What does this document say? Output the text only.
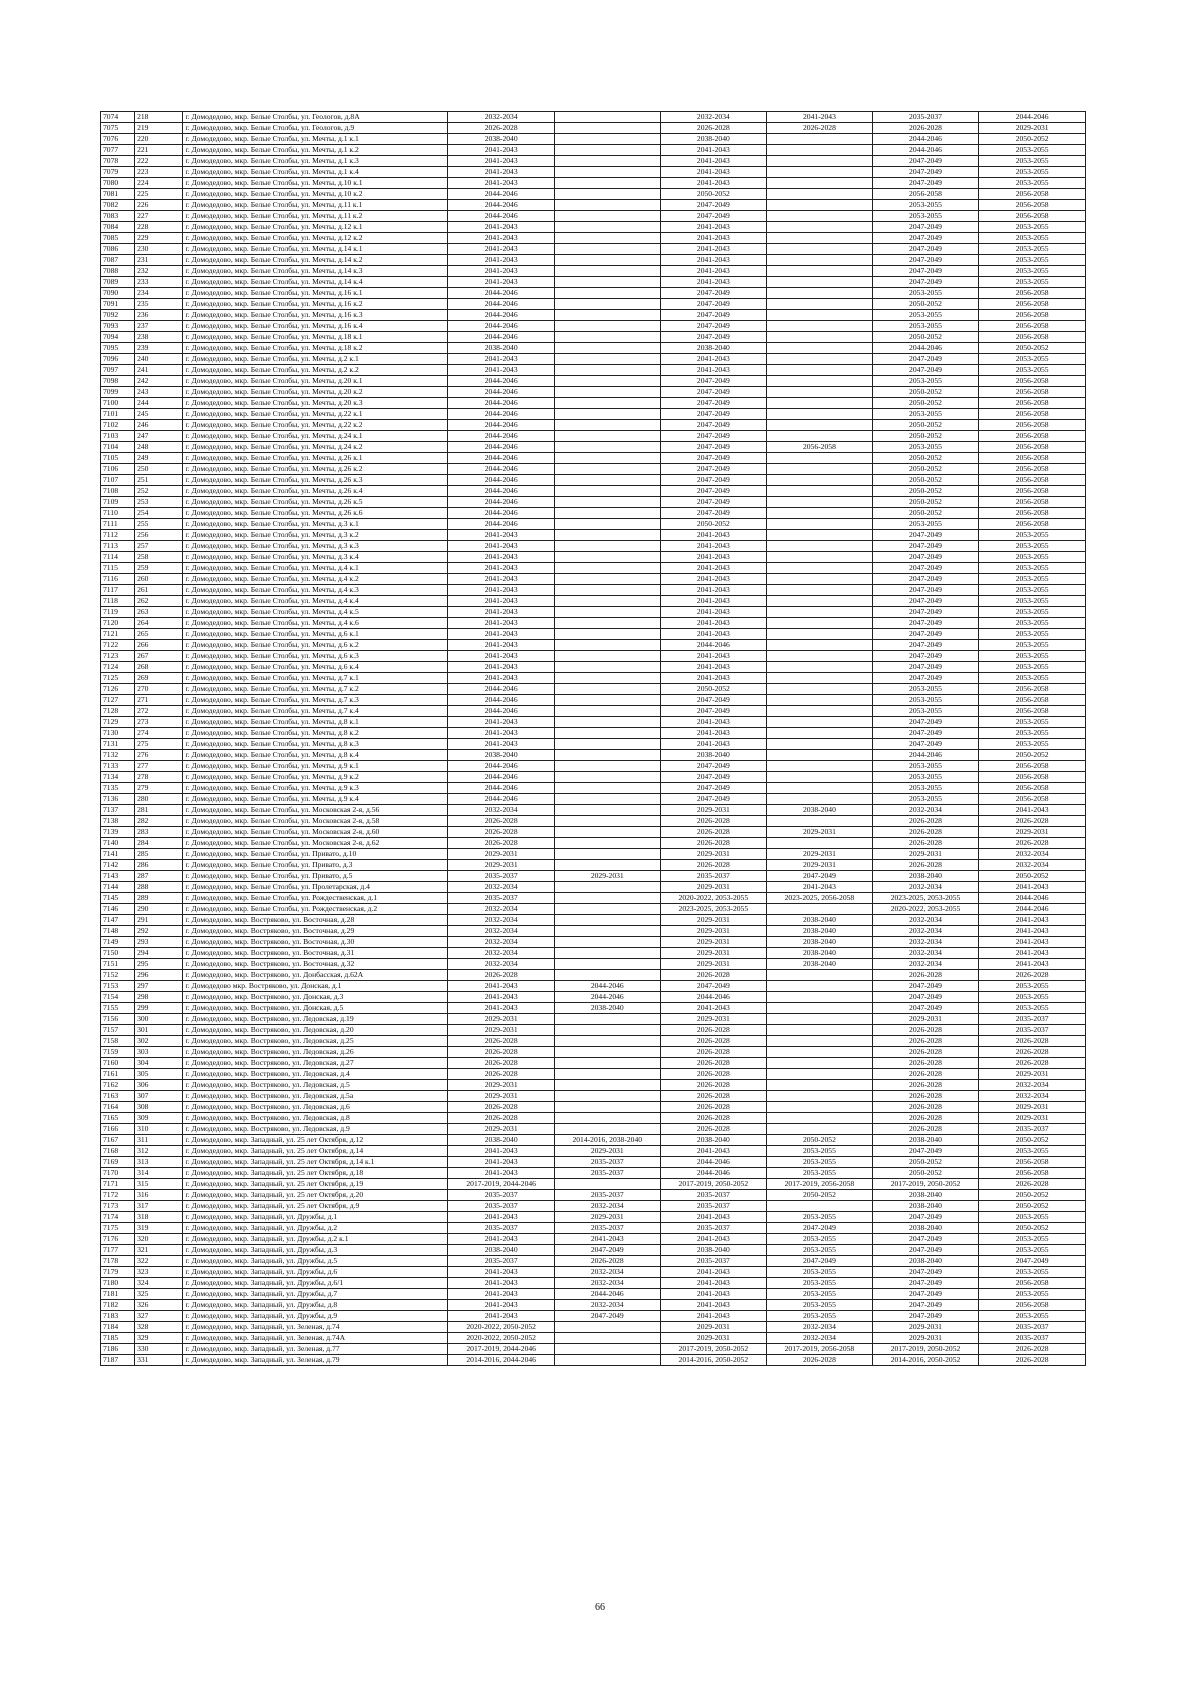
7074	218	г. Домодедово, мкр. Белые Столбы, ул. Геологов, д.8А	2032-2034		2032-2034	2041-2043	2035-2037	2044-2046
7075	219	г. Домодедово, мкр. Белые Столбы, ул. Геологов, д.9	2026-2028		2026-2028	2026-2028	2026-2028	2029-2031
7076	220	г. Домодедово, мкр. Белые Столбы, ул. Мечты, д.1 к.1	2038-2040		2038-2040		2044-2046	2050-2052
7077	221	г. Домодедово, мкр. Белые Столбы, ул. Мечты, д.1 к.2	2041-2043		2041-2043		2044-2046	2053-2055
7078	222	г. Домодедово, мкр. Белые Столбы, ул. Мечты, д.1 к.3	2041-2043		2041-2043		2047-2049	2053-2055
7079	223	г. Домодедово, мкр. Белые Столбы, ул. Мечты, д.1 к.4	2041-2043		2041-2043		2047-2049	2053-2055
7080	224	г. Домодедово, мкр. Белые Столбы, ул. Мечты, д.10 к.1	2041-2043		2041-2043		2047-2049	2053-2055
7081	225	г. Домодедово, мкр. Белые Столбы, ул. Мечты, д.10 к.2	2044-2046		2050-2052		2056-2058	2056-2058
7082	226	г. Домодедово, мкр. Белые Столбы, ул. Мечты, д.11 к.1	2044-2046		2047-2049		2053-2055	2056-2058
7083	227	г. Домодедово, мкр. Белые Столбы, ул. Мечты, д.11 к.2	2044-2046		2047-2049		2053-2055	2056-2058
7084	228	г. Домодедово, мкр. Белые Столбы, ул. Мечты, д.12 к.1	2041-2043		2041-2043		2047-2049	2053-2055
7085	229	г. Домодедово, мкр. Белые Столбы, ул. Мечты, д.12 к.2	2041-2043		2041-2043		2047-2049	2053-2055
7086	230	г. Домодедово, мкр. Белые Столбы, ул. Мечты, д.14 к.1	2041-2043		2041-2043		2047-2049	2053-2055
7087	231	г. Домодедово, мкр. Белые Столбы, ул. Мечты, д.14 к.2	2041-2043		2041-2043		2047-2049	2053-2055
7088	232	г. Домодедово, мкр. Белые Столбы, ул. Мечты, д.14 к.3	2041-2043		2041-2043		2047-2049	2053-2055
7089	233	г. Домодедово, мкр. Белые Столбы, ул. Мечты, д.14 к.4	2041-2043		2041-2043		2047-2049	2053-2055
7090	234	г. Домодедово, мкр. Белые Столбы, ул. Мечты, д.16 к.1	2044-2046		2047-2049		2053-2055	2056-2058
7091	235	г. Домодедово, мкр. Белые Столбы, ул. Мечты, д.16 к.2	2044-2046		2047-2049		2050-2052	2056-2058
7092	236	г. Домодедово, мкр. Белые Столбы, ул. Мечты, д.16 к.3	2044-2046		2047-2049		2053-2055	2056-2058
7093	237	г. Домодедово, мкр. Белые Столбы, ул. Мечты, д.16 к.4	2044-2046		2047-2049		2053-2055	2056-2058
7094	238	г. Домодедово, мкр. Белые Столбы, ул. Мечты, д.18 к.1	2044-2046		2047-2049		2050-2052	2056-2058
7095	239	г. Домодедово, мкр. Белые Столбы, ул. Мечты, д.18 к.2	2038-2040		2038-2040		2044-2046	2050-2052
7096	240	г. Домодедово, мкр. Белые Столбы, ул. Мечты, д.2 к.1	2041-2043		2041-2043		2047-2049	2053-2055
7097	241	г. Домодедово, мкр. Белые Столбы, ул. Мечты, д.2 к.2	2041-2043		2041-2043		2047-2049	2053-2055
7098	242	г. Домодедово, мкр. Белые Столбы, ул. Мечты, д.20 к.1	2044-2046		2047-2049		2053-2055	2056-2058
7099	243	г. Домодедово, мкр. Белые Столбы, ул. Мечты, д.20 к.2	2044-2046		2047-2049		2050-2052	2056-2058
7100	244	г. Домодедово, мкр. Белые Столбы, ул. Мечты, д.20 к.3	2044-2046		2047-2049		2050-2052	2056-2058
7101	245	г. Домодедово, мкр. Белые Столбы, ул. Мечты, д.22 к.1	2044-2046		2047-2049		2053-2055	2056-2058
7102	246	г. Домодедово, мкр. Белые Столбы, ул. Мечты, д.22 к.2	2044-2046		2047-2049		2050-2052	2056-2058
7103	247	г. Домодедово, мкр. Белые Столбы, ул. Мечты, д.24 к.1	2044-2046		2047-2049		2050-2052	2056-2058
7104	248	г. Домодедово, мкр. Белые Столбы, ул. Мечты, д.24 к.2	2044-2046		2047-2049	2056-2058	2053-2055	2056-2058
7105	249	г. Домодедово, мкр. Белые Столбы, ул. Мечты, д.26 к.1	2044-2046		2047-2049		2050-2052	2056-2058
7106	250	г. Домодедово, мкр. Белые Столбы, ул. Мечты, д.26 к.2	2044-2046		2047-2049		2050-2052	2056-2058
7107	251	г. Домодедово, мкр. Белые Столбы, ул. Мечты, д.26 к.3	2044-2046		2047-2049		2050-2052	2056-2058
7108	252	г. Домодедово, мкр. Белые Столбы, ул. Мечты, д.26 к.4	2044-2046		2047-2049		2050-2052	2056-2058
7109	253	г. Домодедово, мкр. Белые Столбы, ул. Мечты, д.26 к.5	2044-2046		2047-2049		2050-2052	2056-2058
7110	254	г. Домодедово, мкр. Белые Столбы, ул. Мечты, д.26 к.6	2044-2046		2047-2049		2050-2052	2056-2058
7111	255	г. Домодедово, мкр. Белые Столбы, ул. Мечты, д.3 к.1	2044-2046		2050-2052		2053-2055	2056-2058
7112	256	г. Домодедово, мкр. Белые Столбы, ул. Мечты, д.3 к.2	2041-2043		2041-2043		2047-2049	2053-2055
7113	257	г. Домодедово, мкр. Белые Столбы, ул. Мечты, д.3 к.3	2041-2043		2041-2043		2047-2049	2053-2055
7114	258	г. Домодедово, мкр. Белые Столбы, ул. Мечты, д.3 к.4	2041-2043		2041-2043		2047-2049	2053-2055
7115	259	г. Домодедово, мкр. Белые Столбы, ул. Мечты, д.4 к.1	2041-2043		2041-2043		2047-2049	2053-2055
7116	260	г. Домодедово, мкр. Белые Столбы, ул. Мечты, д.4 к.2	2041-2043		2041-2043		2047-2049	2053-2055
7117	261	г. Домодедово, мкр. Белые Столбы, ул. Мечты, д.4 к.3	2041-2043		2041-2043		2047-2049	2053-2055
7118	262	г. Домодедово, мкр. Белые Столбы, ул. Мечты, д.4 к.4	2041-2043		2041-2043		2047-2049	2053-2055
7119	263	г. Домодедово, мкр. Белые Столбы, ул. Мечты, д.4 к.5	2041-2043		2041-2043		2047-2049	2053-2055
7120	264	г. Домодедово, мкр. Белые Столбы, ул. Мечты, д.4 к.6	2041-2043		2041-2043		2047-2049	2053-2055
7121	265	г. Домодедово, мкр. Белые Столбы, ул. Мечты, д.6 к.1	2041-2043		2041-2043		2047-2049	2053-2055
7122	266	г. Домодедово, мкр. Белые Столбы, ул. Мечты, д.6 к.2	2041-2043		2044-2046		2047-2049	2053-2055
7123	267	г. Домодедово, мкр. Белые Столбы, ул. Мечты, д.6 к.3	2041-2043		2041-2043		2047-2049	2053-2055
7124	268	г. Домодедово, мкр. Белые Столбы, ул. Мечты, д.6 к.4	2041-2043		2041-2043		2047-2049	2053-2055
7125	269	г. Домодедово, мкр. Белые Столбы, ул. Мечты, д.7 к.1	2041-2043		2041-2043		2047-2049	2053-2055
7126	270	г. Домодедово, мкр. Белые Столбы, ул. Мечты, д.7 к.2	2044-2046		2050-2052		2053-2055	2056-2058
7127	271	г. Домодедово, мкр. Белые Столбы, ул. Мечты, д.7 к.3	2044-2046		2047-2049		2053-2055	2056-2058
7128	272	г. Домодедово, мкр. Белые Столбы, ул. Мечты, д.7 к.4	2044-2046		2047-2049		2053-2055	2056-2058
7129	273	г. Домодедово, мкр. Белые Столбы, ул. Мечты, д.8 к.1	2041-2043		2041-2043		2047-2049	2053-2055
7130	274	г. Домодедово, мкр. Белые Столбы, ул. Мечты, д.8 к.2	2041-2043		2041-2043		2047-2049	2053-2055
7131	275	г. Домодедово, мкр. Белые Столбы, ул. Мечты, д.8 к.3	2041-2043		2041-2043		2047-2049	2053-2055
7132	276	г. Домодедово, мкр. Белые Столбы, ул. Мечты, д.8 к.4	2038-2040		2038-2040		2044-2046	2050-2052
7133	277	г. Домодедово, мкр. Белые Столбы, ул. Мечты, д.9 к.1	2044-2046		2047-2049		2053-2055	2056-2058
7134	278	г. Домодедово, мкр. Белые Столбы, ул. Мечты, д.9 к.2	2044-2046		2047-2049		2053-2055	2056-2058
7135	279	г. Домодедово, мкр. Белые Столбы, ул. Мечты, д.9 к.3	2044-2046		2047-2049		2053-2055	2056-2058
7136	280	г. Домодедово, мкр. Белые Столбы, ул. Мечты, д.9 к.4	2044-2046		2047-2049		2053-2055	2056-2058
7137	281	г. Домодедово, мкр. Белые Столбы, ул. Московская 2-я, д.56	2032-2034		2029-2031	2038-2040	2032-2034	2041-2043
7138	282	г. Домодедово, мкр. Белые Столбы, ул. Московская 2-я, д.58	2026-2028		2026-2028		2026-2028	2026-2028
7139	283	г. Домодедово, мкр. Белые Столбы, ул. Московская 2-я, д.60	2026-2028		2026-2028	2029-2031	2026-2028	2029-2031
7140	284	г. Домодедово, мкр. Белые Столбы, ул. Московская 2-я, д.62	2026-2028		2026-2028		2026-2028	2026-2028
7141	285	г. Домодедово, мкр. Белые Столбы, ул. Привато, д.10	2029-2031		2029-2031	2029-2031	2029-2031	2032-2034
7142	286	г. Домодедово, мкр. Белые Столбы, ул. Привато, д.3	2029-2031		2026-2028	2029-2031	2026-2028	2032-2034
7143	287	г. Домодедово, мкр. Белые Столбы, ул. Привато, д.5	2035-2037	2029-2031	2035-2037	2047-2049	2038-2040	2050-2052
7144	288	г. Домодедово, мкр. Белые Столбы, ул. Пролетарская, д.4	2032-2034		2029-2031	2041-2043	2032-2034	2041-2043
7145	289	г. Домодедово, мкр. Белые Столбы, ул. Рождественская, д.1	2035-2037		2020-2022, 2053-2055	2023-2025, 2056-2058	2023-2025, 2053-2055	2044-2046
7146	290	г. Домодедово, мкр. Белые Столбы, ул. Рождественская, д.2	2032-2034		2023-2025, 2053-2055		2020-2022, 2053-2055	2044-2046
7147	291	г. Домодедово, мкр. Востряково, ул. Восточная, д.28	2032-2034		2029-2031	2038-2040	2032-2034	2041-2043
7148	292	г. Домодедово, мкр. Востряково, ул. Восточная, д.29	2032-2034		2029-2031	2038-2040	2032-2034	2041-2043
7149	293	г. Домодедово, мкр. Востряково, ул. Восточная, д.30	2032-2034		2029-2031	2038-2040	2032-2034	2041-2043
7150	294	г. Домодедово, мкр. Востряково, ул. Восточная, д.31	2032-2034		2029-2031	2038-2040	2032-2034	2041-2043
7151	295	г. Домодедово, мкр. Востряково, ул. Восточная, д.32	2032-2034		2029-2031	2038-2040	2032-2034	2041-2043
7152	296	г. Домодедово, мкр. Востряково, ул. Донбасская, д.62А	2026-2028		2026-2028		2026-2028	2026-2028
7153	297	г. Домодедово мкр. Востряково, ул. Донская, д.1	2041-2043	2044-2046	2047-2049		2047-2049	2053-2055
7154	298	г. Домодедово, мкр. Востряково, ул. Донская, д.3	2041-2043	2044-2046	2044-2046		2047-2049	2053-2055
7155	299	г. Домодедово, мкр. Востряково, ул. Донская, д.5	2041-2043	2038-2040	2041-2043		2047-2049	2053-2055
7156	300	г. Домодедово, мкр. Востряково, ул. Ледовская, д.19	2029-2031		2029-2031		2029-2031	2035-2037
7157	301	г. Домодедово, мкр. Востряково, ул. Ледовская, д.20	2029-2031		2026-2028		2026-2028	2035-2037
7158	302	г. Домодедово, мкр. Востряково, ул. Ледовская, д.25	2026-2028		2026-2028		2026-2028	2026-2028
7159	303	г. Домодедово, мкр. Востряково, ул. Ледовская, д.26	2026-2028		2026-2028		2026-2028	2026-2028
7160	304	г. Домодедово, мкр. Востряково, ул. Ледовская, д.27	2026-2028		2026-2028		2026-2028	2026-2028
7161	305	г. Домодедово, мкр. Востряково, ул. Ледовская, д.4	2026-2028		2026-2028		2026-2028	2029-2031
7162	306	г. Домодедово, мкр. Востряково, ул. Ледовская, д.5	2029-2031		2026-2028		2026-2028	2032-2034
7163	307	г. Домодедово, мкр. Востряково, ул. Ледовская, д.5а	2029-2031		2026-2028		2026-2028	2032-2034
7164	308	г. Домодедово, мкр. Востряково, ул. Ледовская, д.6	2026-2028		2026-2028		2026-2028	2029-2031
7165	309	г. Домодедово, мкр. Востряково, ул. Ледовская, д.8	2026-2028		2026-2028		2026-2028	2029-2031
7166	310	г. Домодедово, мкр. Востряково, ул. Ледовская, д.9	2029-2031		2026-2028		2026-2028	2035-2037
7167	311	г. Домодедово, мкр. Западный, ул. 25 лет Октября, д.12	2038-2040	2014-2016, 2038-2040	2038-2040	2050-2052	2038-2040	2050-2052
7168	312	г. Домодедово, мкр. Западный, ул. 25 лет Октября, д.14	2041-2043	2029-2031	2041-2043	2053-2055	2047-2049	2053-2055
7169	313	г. Домодедово, мкр. Западный, ул. 25 лет Октября, д.14 к.1	2041-2043	2035-2037	2044-2046	2053-2055	2050-2052	2056-2058
7170	314	г. Домодедово, мкр. Западный, ул. 25 лет Октября, д.18	2041-2043	2035-2037	2044-2046	2053-2055	2050-2052	2056-2058
7171	315	г. Домодедово, мкр. Западный, ул. 25 лет Октября, д.19	2017-2019, 2044-2046		2017-2019, 2050-2052	2017-2019, 2056-2058	2017-2019, 2050-2052	2026-2028
7172	316	г. Домодедово, мкр. Западный, ул. 25 лет Октября, д.20	2035-2037	2035-2037	2035-2037	2050-2052	2038-2040	2050-2052
7173	317	г. Домодедово, мкр. Западный, ул. 25 лет Октября, д.9	2035-2037	2032-2034	2035-2037		2038-2040	2050-2052
7174	318	г. Домодедово, мкр. Западный, ул. Дружбы, д.1	2041-2043	2029-2031	2041-2043	2053-2055	2047-2049	2053-2055
7175	319	г. Домодедово, мкр. Западный, ул. Дружбы, д.2	2035-2037	2035-2037	2035-2037	2047-2049	2038-2040	2050-2052
7176	320	г. Домодедово, мкр. Западный, ул. Дружбы, д.2 к.1	2041-2043	2041-2043	2041-2043	2053-2055	2047-2049	2053-2055
7177	321	г. Домодедово, мкр. Западный, ул. Дружбы, д.3	2038-2040	2047-2049	2038-2040	2053-2055	2047-2049	2053-2055
7178	322	г. Домодедово, мкр. Западный, ул. Дружбы, д.5	2035-2037	2026-2028	2035-2037	2047-2049	2038-2040	2047-2049
7179	323	г. Домодедово, мкр. Западный, ул. Дружбы, д.6	2041-2043	2032-2034	2041-2043	2053-2055	2047-2049	2053-2055
7180	324	г. Домодедово, мкр. Западный, ул. Дружбы, д.6/1	2041-2043	2032-2034	2041-2043	2053-2055	2047-2049	2056-2058
7181	325	г. Домодедово, мкр. Западный, ул. Дружбы, д.7	2041-2043	2044-2046	2041-2043	2053-2055	2047-2049	2053-2055
7182	326	г. Домодедово, мкр. Западный, ул. Дружбы, д.8	2041-2043	2032-2034	2041-2043	2053-2055	2047-2049	2056-2058
7183	327	г. Домодедово, мкр. Западный, ул. Дружбы, д.9	2041-2043	2047-2049	2041-2043	2053-2055	2047-2049	2053-2055
7184	328	г. Домодедово, мкр. Западный, ул. Зеленая, д.74	2020-2022, 2050-2052		2029-2031	2032-2034	2029-2031	2035-2037
7185	329	г. Домодедово, мкр. Западный, ул. Зеленая, д.74А	2020-2022, 2050-2052		2029-2031	2032-2034	2029-2031	2035-2037
7186	330	г. Домодедово, мкр. Западный, ул. Зеленая, д.77	2017-2019, 2044-2046		2017-2019, 2050-2052	2017-2019, 2056-2058	2017-2019, 2050-2052	2026-2028
7187	331	г. Домодедово, мкр. Западный, ул. Зеленая, д.79	2014-2016, 2044-2046		2014-2016, 2050-2052	2026-2028	2014-2016, 2050-2052	2026-2028
66
